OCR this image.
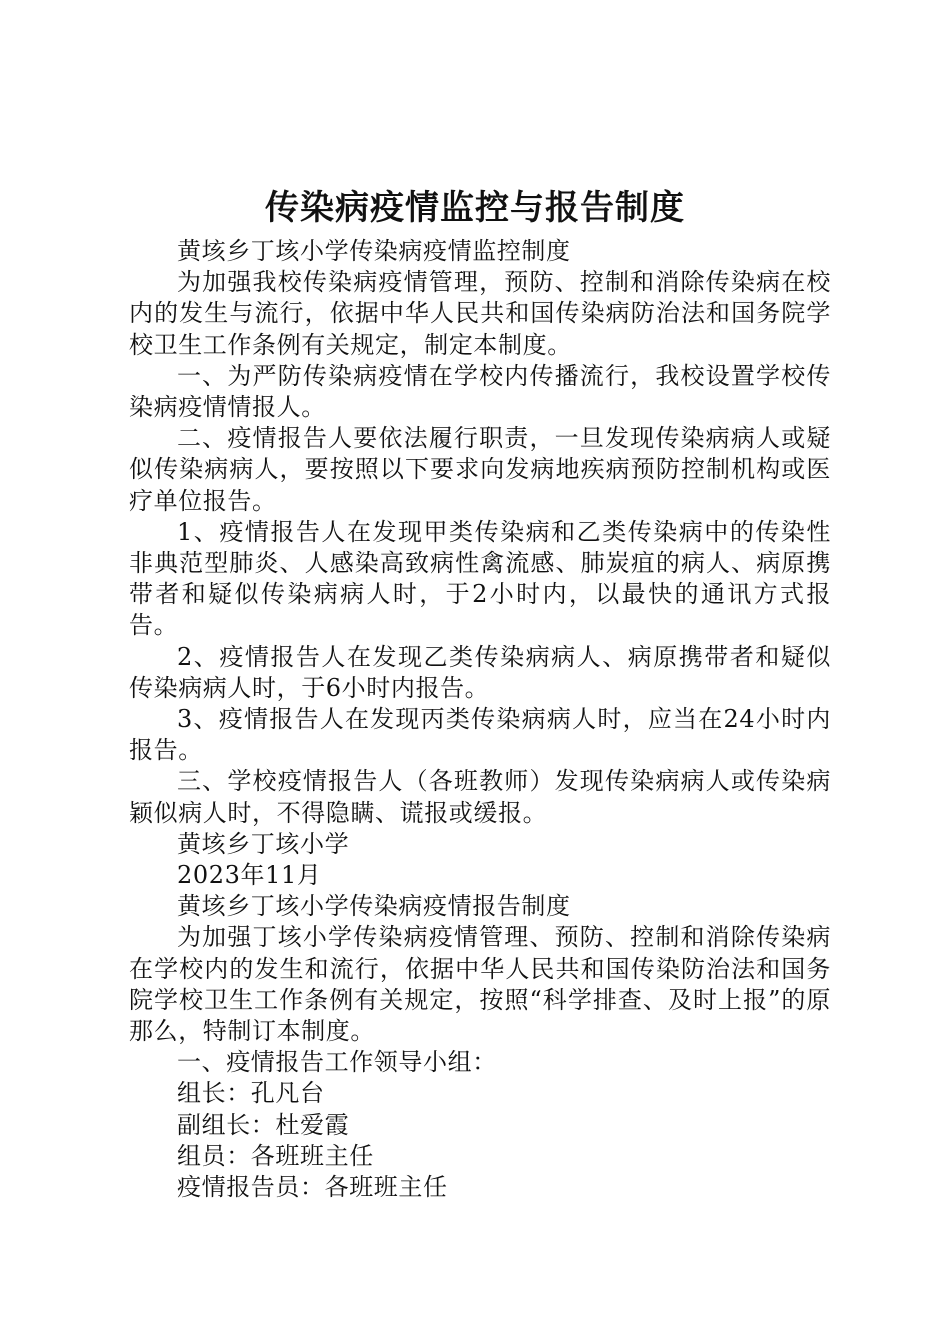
传染病疫情监控与报告制度

黄垓乡丁垓小学传染病疫情监控制度

为加强我校传染病疫情管理，预防、控制和消除传染病在校内的发生与流行，依据中华人民共和国传染病防治法和国务院学校卫生工作条例有关规定，制定本制度。

一、为严防传染病疫情在学校内传播流行，我校设置学校传染病疫情情报人。

二、疫情报告人要依法履行职责，一旦发现传染病病人或疑似传染病病人，要按照以下要求向发病地疾病预防控制机构或医疗单位报告。

1、疫情报告人在发现甲类传染病和乙类传染病中的传染性非典范型肺炎、人感染高致病性禽流感、肺炭疽的病人、病原携带者和疑似传染病病人时，于2小时内，以最快的通讯方式报告。

2、疫情报告人在发现乙类传染病病人、病原携带者和疑似传染病病人时，于6小时内报告。

3、疫情报告人在发现丙类传染病病人时，应当在24小时内报告。

三、学校疫情报告人（各班教师）发现传染病病人或传染病颖似病人时，不得隐瞒、谎报或缓报。

黄垓乡丁垓小学

2023年11月

黄垓乡丁垓小学传染病疫情报告制度

为加强丁垓小学传染病疫情管理、预防、控制和消除传染病在学校内的发生和流行，依据中华人民共和国传染防治法和国务院学校卫生工作条例有关规定，按照“科学排查、及时上报”的原那么，特制订本制度。

一、疫情报告工作领导小组：

组长：孔凡台

副组长：杜爱霞

组员：各班班主任

疫情报告员：各班班主任
